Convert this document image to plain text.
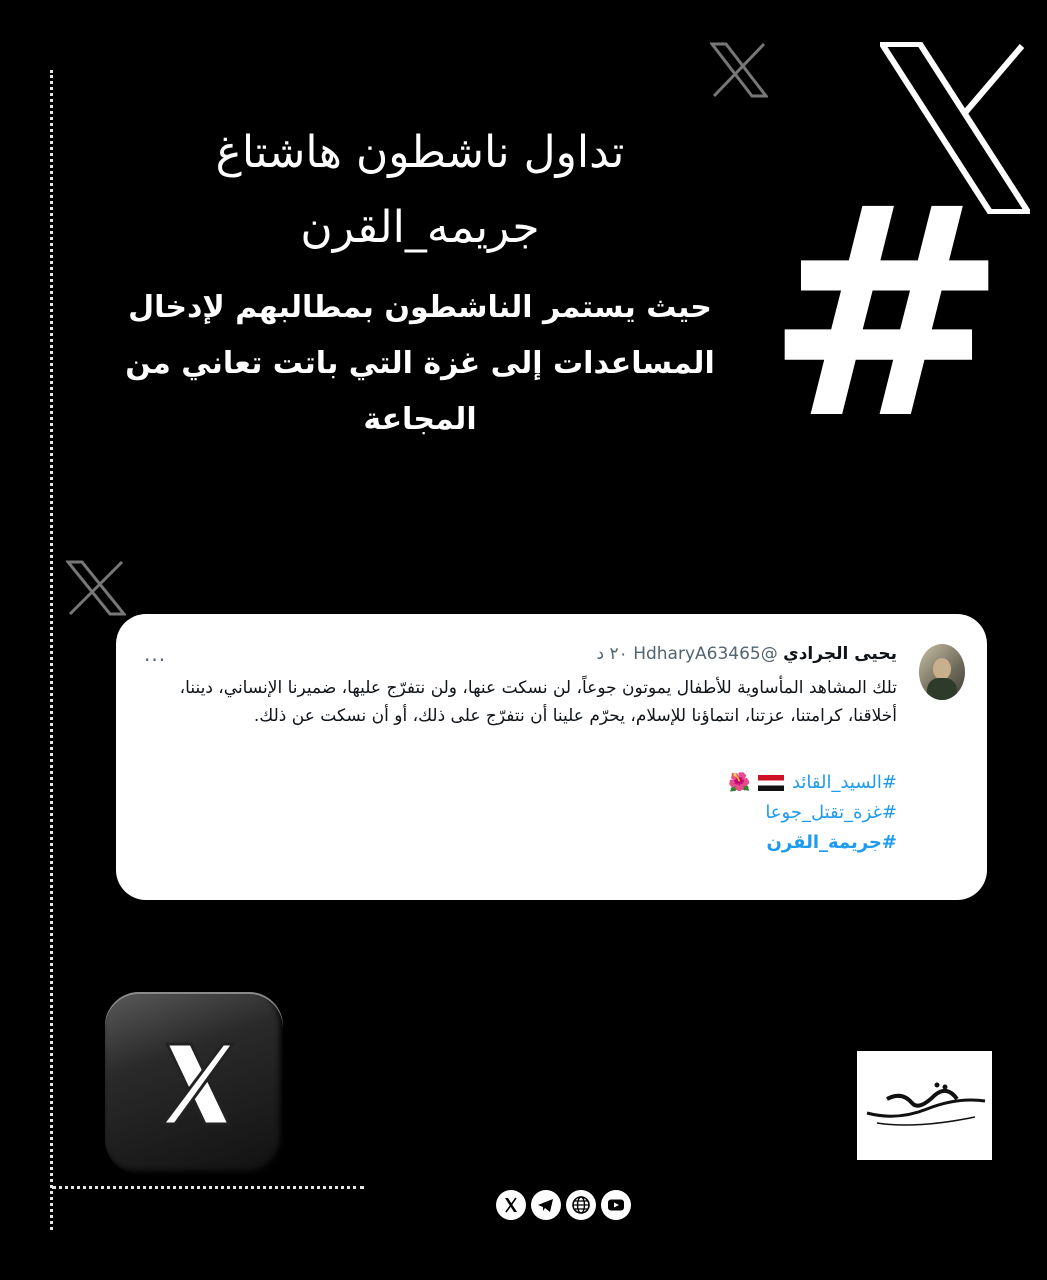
#
تداول ناشطون هاشتاغ
جريمه_القرن
حيث يستمر الناشطون بمطالبهم لإدخال
المساعدات إلى غزة التي باتت تعاني من
المجاعة
يحيى الجرادي @HdharyA63465 ٢٠ د
···
تلك المشاهد المأساوية للأطفال يموتون جوعاً، لن نسكت عنها، ولن نتفرّج عليها، ضميرنا الإنساني، ديننا، أخلاقنا، كرامتنا، عزتنا، انتماؤنا للإسلام، يحرّم علينا أن نتفرّج على ذلك، أو أن نسكت عن ذلك.
#السيد_القائد  🌺
#غزة_تقتل_جوعا
#جريمة_القرن
